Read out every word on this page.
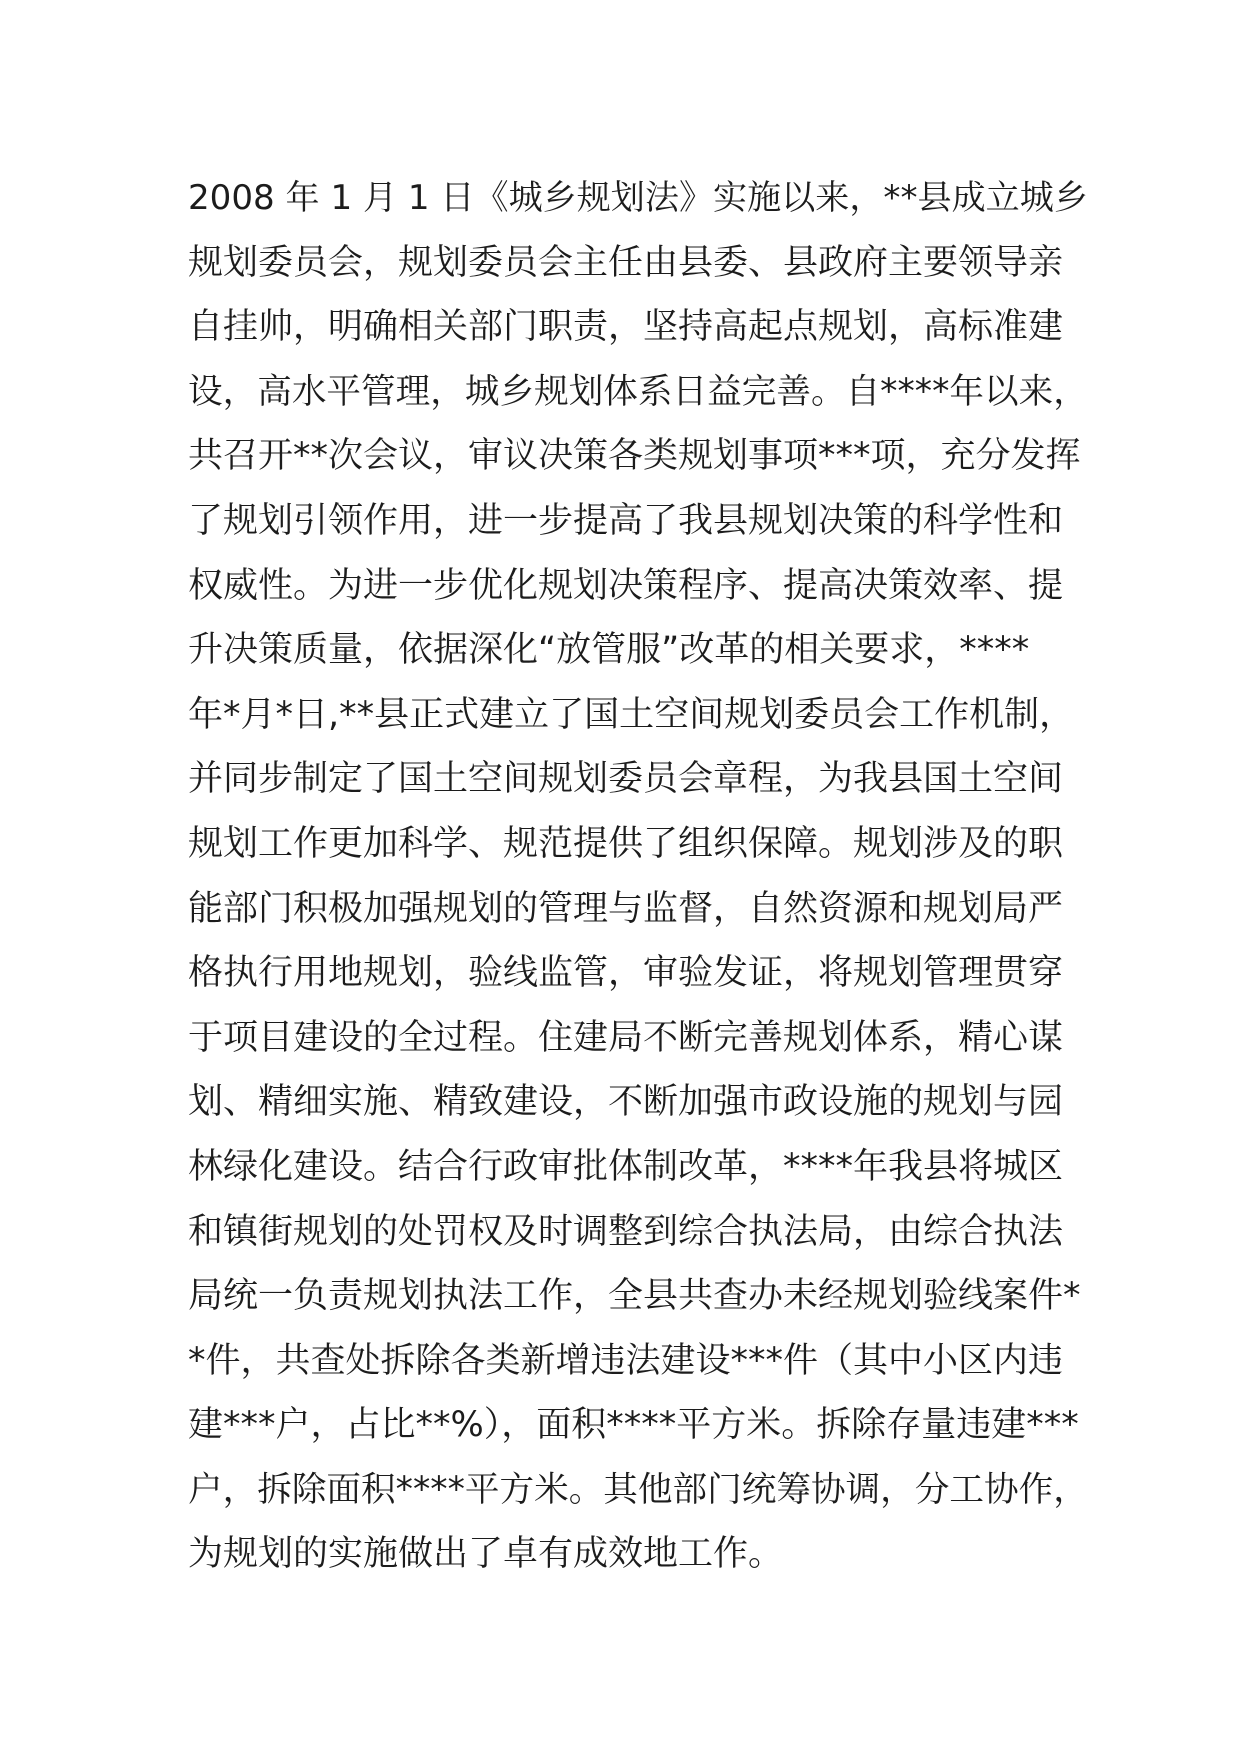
2008 年 1 月 1 日《城乡规划法》实施以来，**县成立城乡
规划委员会，规划委员会主任由县委、县政府主要领导亲
自挂帅，明确相关部门职责，坚持高起点规划，高标准建
设，高水平管理，城乡规划体系日益完善。自****年以来，
共召开**次会议，审议决策各类规划事项***项，充分发挥
了规划引领作用，进一步提高了我县规划决策的科学性和
权威性。为进一步优化规划决策程序、提高决策效率、提
升决策质量，依据深化“放管服”改革的相关要求，****
年*月*日,**县正式建立了国土空间规划委员会工作机制，
并同步制定了国土空间规划委员会章程，为我县国土空间
规划工作更加科学、规范提供了组织保障。规划涉及的职
能部门积极加强规划的管理与监督，自然资源和规划局严
格执行用地规划，验线监管，审验发证，将规划管理贯穿
于项目建设的全过程。住建局不断完善规划体系，精心谋
划、精细实施、精致建设，不断加强市政设施的规划与园
林绿化建设。结合行政审批体制改革，****年我县将城区
和镇街规划的处罚权及时调整到综合执法局，由综合执法
局统一负责规划执法工作，全县共查办未经规划验线案件*
*件，共查处拆除各类新增违法建设***件（其中小区内违
建***户，占比**%），面积****平方米。拆除存量违建***
户，拆除面积****平方米。其他部门统筹协调，分工协作，
为规划的实施做出了卓有成效地工作。
